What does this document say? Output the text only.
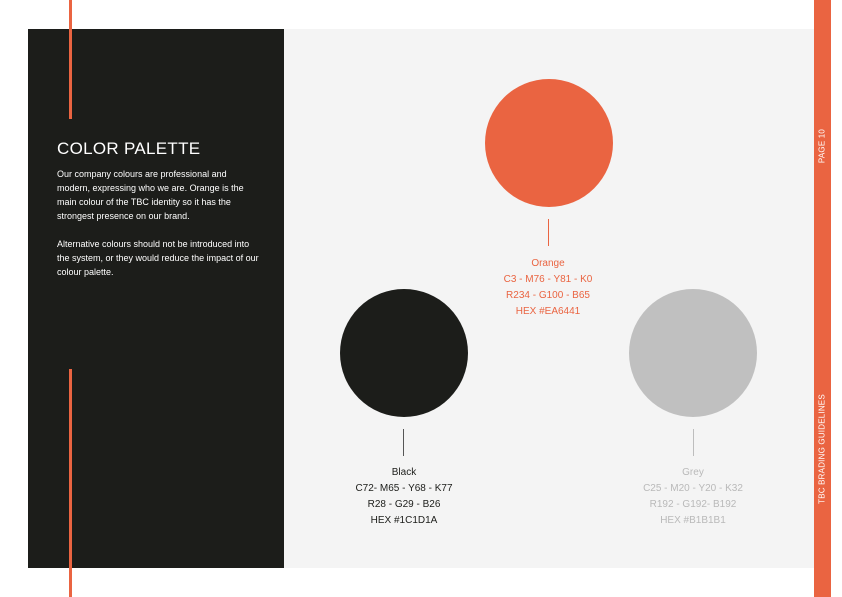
COLOR PALETTE

Our company colours are professional and modern, expressing who we are. Orange is the main colour of the TBC identity so it has the strongest presence on our brand.

Alternative colours should not be introduced into the system, or they would reduce the impact of our colour palette.

Orange
C3 - M76 - Y81 - K0
R234 - G100 - B65
HEX #EA6441
Black
C72- M65 - Y68 - K77
R28 - G29 - B26
HEX #1C1D1A
Grey
C25 - M20 - Y20 - K32
R192 - G192- B192
HEX #B1B1B1
PAGE 10
TBC BRADING GUIDELINES
